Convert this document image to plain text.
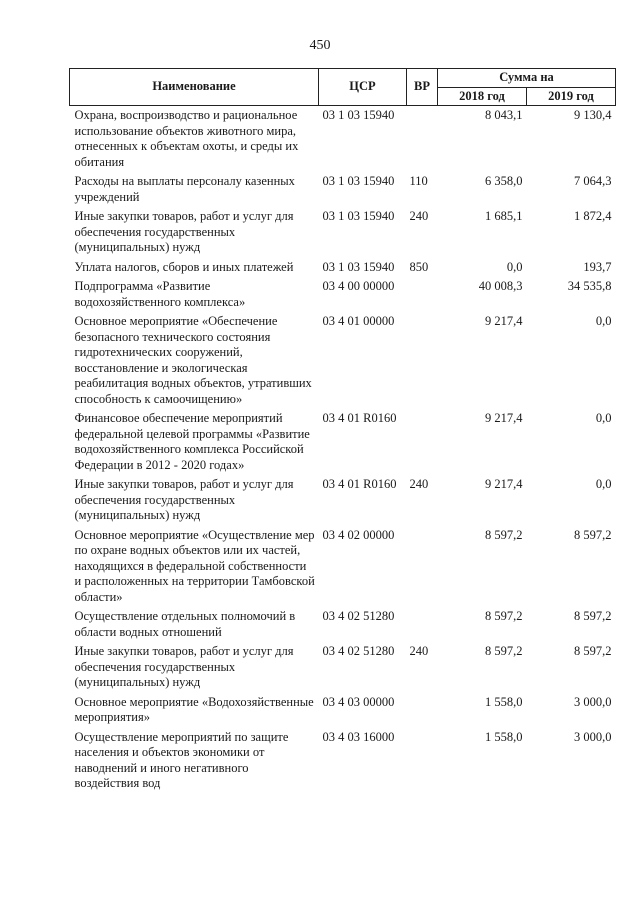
450
Наименование	ЦСР	ВР	Сумма на	
			2018 год	2019 год
Охрана, воспроизводство и рациональное использование объектов животного мира, отнесенных к объектам охоты, и среды их обитания	03 1 03 15940		8 043,1	9 130,4
Расходы на выплаты персоналу казенных учреждений	03 1 03 15940	110	6 358,0	7 064,3
Иные закупки товаров, работ и услуг для обеспечения государственных (муниципальных) нужд	03 1 03 15940	240	1 685,1	1 872,4
Уплата налогов, сборов и иных платежей	03 1 03 15940	850	0,0	193,7
Подпрограмма «Развитие водохозяйственного комплекса»	03 4 00 00000		40 008,3	34 535,8
Основное мероприятие «Обеспечение безопасного технического состояния гидротехнических сооружений, восстановление и экологическая реабилитация водных объектов, утративших способность к самоочищению»	03 4 01 00000		9 217,4	0,0
Финансовое обеспечение мероприятий федеральной целевой программы «Развитие водохозяйственного комплекса Российской Федерации в 2012 - 2020 годах»	03 4 01 R0160		9 217,4	0,0
Иные закупки товаров, работ и услуг для обеспечения государственных (муниципальных) нужд	03 4 01 R0160	240	9 217,4	0,0
Основное мероприятие «Осуществление мер по охране водных объектов или их частей, находящихся в федеральной собственности и расположенных на территории Тамбовской области»	03 4 02 00000		8 597,2	8 597,2
Осуществление отдельных полномочий в области водных отношений	03 4 02 51280		8 597,2	8 597,2
Иные закупки товаров, работ и услуг для обеспечения государственных (муниципальных) нужд	03 4 02 51280	240	8 597,2	8 597,2
Основное мероприятие «Водохозяйственные мероприятия»	03 4 03 00000		1 558,0	3 000,0
Осуществление мероприятий по защите населения и объектов экономики от наводнений и иного негативного воздействия вод	03 4 03 16000		1 558,0	3 000,0
